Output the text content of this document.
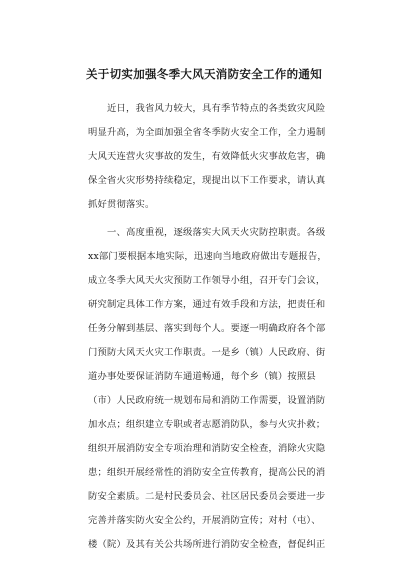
关于切实加强冬季大风天消防安全工作的通知
　　近日，我省风力较大，具有季节特点的各类致灾风险
明显升高，为全面加强全省冬季防火安全工作，全力遏制
大风天连营火灾事故的发生，有效降低火灾事故危害，确
保全省火灾形势持续稳定，现提出以下工作要求，请认真
抓好贯彻落实。
　　一、高度重视，逐级落实大风天火灾防控职责。各级
xx部门要根据本地实际，迅速向当地政府做出专题报告，
成立冬季大风天火灾预防工作领导小组，召开专门会议，
研究制定具体工作方案，通过有效手段和方法，把责任和
任务分解到基层、落实到每个人。要逐一明确政府各个部
门预防大风天火灾工作职责。一是乡（镇）人民政府、街
道办事处要保证消防车通道畅通，每个乡（镇）按照县
（市）人民政府统一规划布局和消防工作需要，设置消防
加水点；组织建立专职或者志愿消防队，参与火灾扑救；
组织开展消防安全专项治理和消防安全检查，消除火灾隐
患；组织开展经常性的消防安全宣传教育，提高公民的消
防安全素质。二是村民委员会、社区居民委员会要进一步
完善并落实防火安全公约，开展消防宣传；对村（屯）、
楼（院）及其有关公共场所进行消防安全检查，督促纠正
